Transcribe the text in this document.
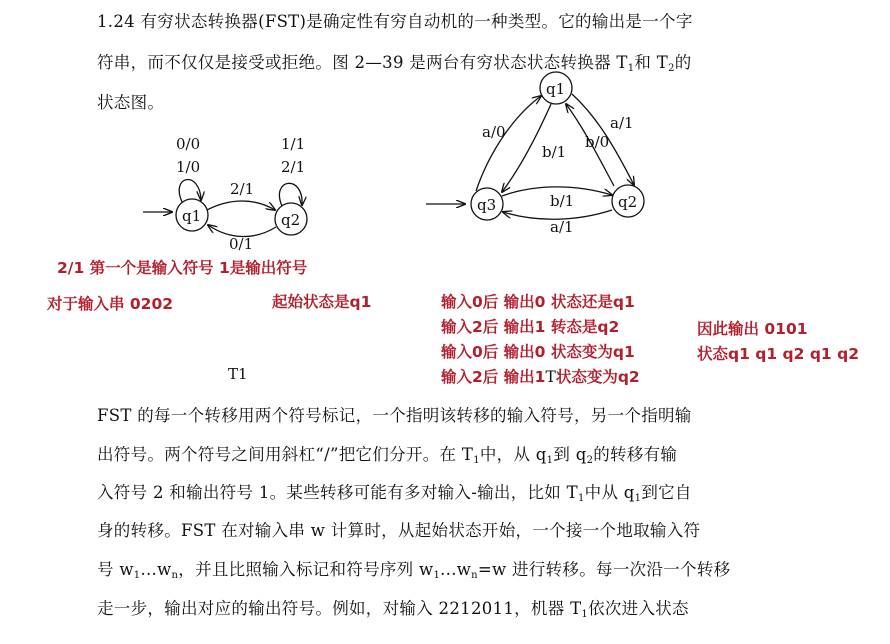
1.24 有穷状态转换器(FST)是确定性有穷自动机的一种类型。它的输出是一个字
符串，而不仅仅是接受或拒绝。图 2—39 是两台有穷状态状态转换器 $T_1$和 $T_2$的
状态图。
q1	q2
0/0
1/0
1/1
2/1
2/1
0/1
q1
q2
q3
a/0
b/1
b/0
a/1
b/1
a/1
2/1 第一个是输入符号 1是输出符号
对于输入串 0202	起始状态是q1	输入0后 输出0 状态还是q1
输入2后 输出1 转态是q2
输入0后 输出0 状态变为q1
输入2后 输出1T状态变为q2
因此输出 0101
状态q1 q1 q2 q1 q2
T1
FST 的每一个转移用两个符号标记，一个指明该转移的输入符号，另一个指明输
出符号。两个符号之间用斜杠“/”把它们分开。在 $T_1$中，从 $q_1$到 $q_2$的转移有输
入符号 2 和输出符号 1。某些转移可能有多对输入-输出，比如 $T_1$中从 $q_1$到它自
身的转移。FST 在对输入串 w 计算时，从起始状态开始，一个接一个地取输入符
号 $w_1...w_n$，并且比照输入标记和符号序列 $w_1...w_n=w$ 进行转移。每一次沿一个转移
走一步，输出对应的输出符号。例如，对输入 2212011，机器 $T_1$依次进入状态
